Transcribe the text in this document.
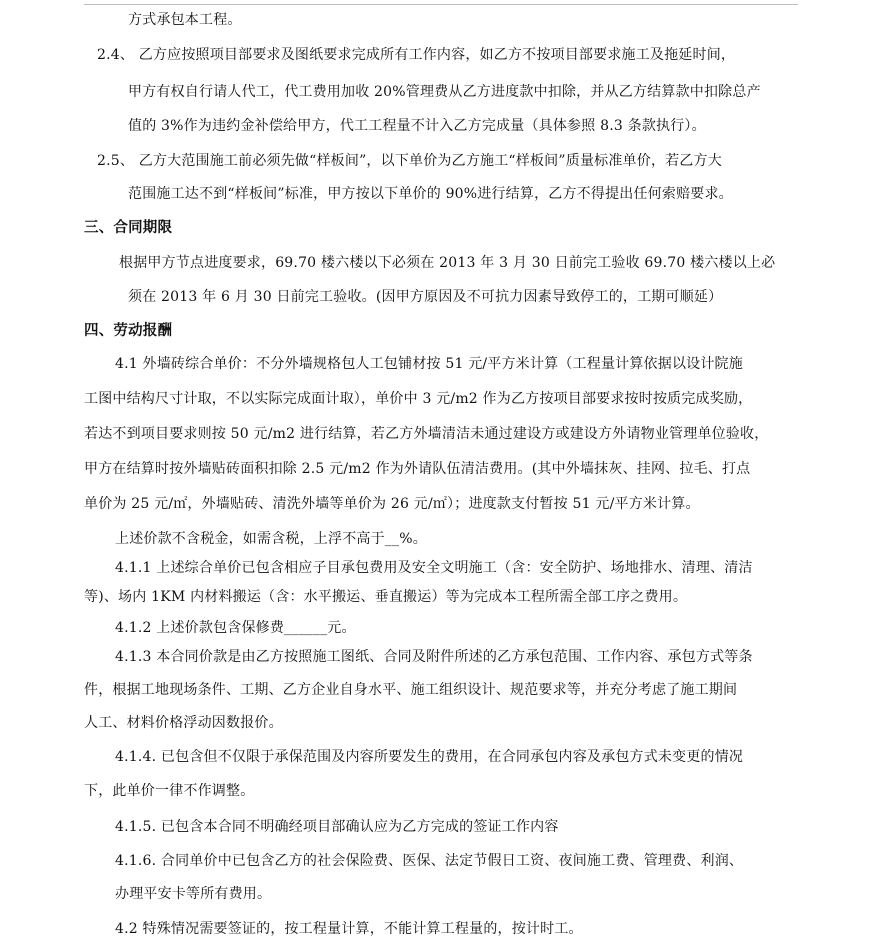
方式承包本工程。
2.4、 乙方应按照项目部要求及图纸要求完成所有工作内容，如乙方不按项目部要求施工及拖延时间，
甲方有权自行请人代工，代工费用加收 20%管理费从乙方进度款中扣除，并从乙方结算款中扣除总产
值的 3%作为违约金补偿给甲方，代工工程量不计入乙方完成量（具体参照 8.3 条款执行）。
2.5、 乙方大范围施工前必须先做“样板间”，以下单价为乙方施工“样板间”质量标准单价，若乙方大
范围施工达不到“样板间”标准，甲方按以下单价的 90%进行结算，乙方不得提出任何索赔要求。
三、合同期限
根据甲方节点进度要求，69.70 楼六楼以下必须在 2013 年 3 月 30 日前完工验收 69.70 楼六楼以上必
须在 2013 年 6 月 30 日前完工验收。(因甲方原因及不可抗力因素导致停工的，工期可顺延）
四、劳动报酬
4.1 外墙砖综合单价：不分外墙规格包人工包铺材按 51 元/平方米计算（工程量计算依据以设计院施
工图中结构尺寸计取，不以实际完成面计取），单价中 3 元/m2 作为乙方按项目部要求按时按质完成奖励，
若达不到项目要求则按 50 元/m2 进行结算，若乙方外墙清洁未通过建设方或建设方外请物业管理单位验收，
甲方在结算时按外墙贴砖面积扣除 2.5 元/m2 作为外请队伍清洁费用。(其中外墙抹灰、挂网、拉毛、打点
单价为 25 元/㎡，外墙贴砖、清洗外墙等单价为 26 元/㎡）；进度款支付暂按 51 元/平方米计算。
上述价款不含税金，如需含税，上浮不高于__%。
4.1.1 上述综合单价已包含相应子目承包费用及安全文明施工（含：安全防护、场地排水、清理、清洁
等)、场内 1KM 内材料搬运（含：水平搬运、垂直搬运）等为完成本工程所需全部工序之费用。
4.1.2 上述价款包含保修费______元。
4.1.3 本合同价款是由乙方按照施工图纸、合同及附件所述的乙方承包范围、工作内容、承包方式等条
件，根据工地现场条件、工期、乙方企业自身水平、施工组织设计、规范要求等，并充分考虑了施工期间
人工、材料价格浮动因数报价。
4.1.4. 已包含但不仅限于承保范围及内容所要发生的费用，在合同承包内容及承包方式未变更的情况
下，此单价一律不作调整。
4.1.5. 已包含本合同不明确经项目部确认应为乙方完成的签证工作内容
4.1.6. 合同单价中已包含乙方的社会保险费、医保、法定节假日工资、夜间施工费、管理费、利润、
办理平安卡等所有费用。
4.2 特殊情况需要签证的，按工程量计算，不能计算工程量的，按计时工。
